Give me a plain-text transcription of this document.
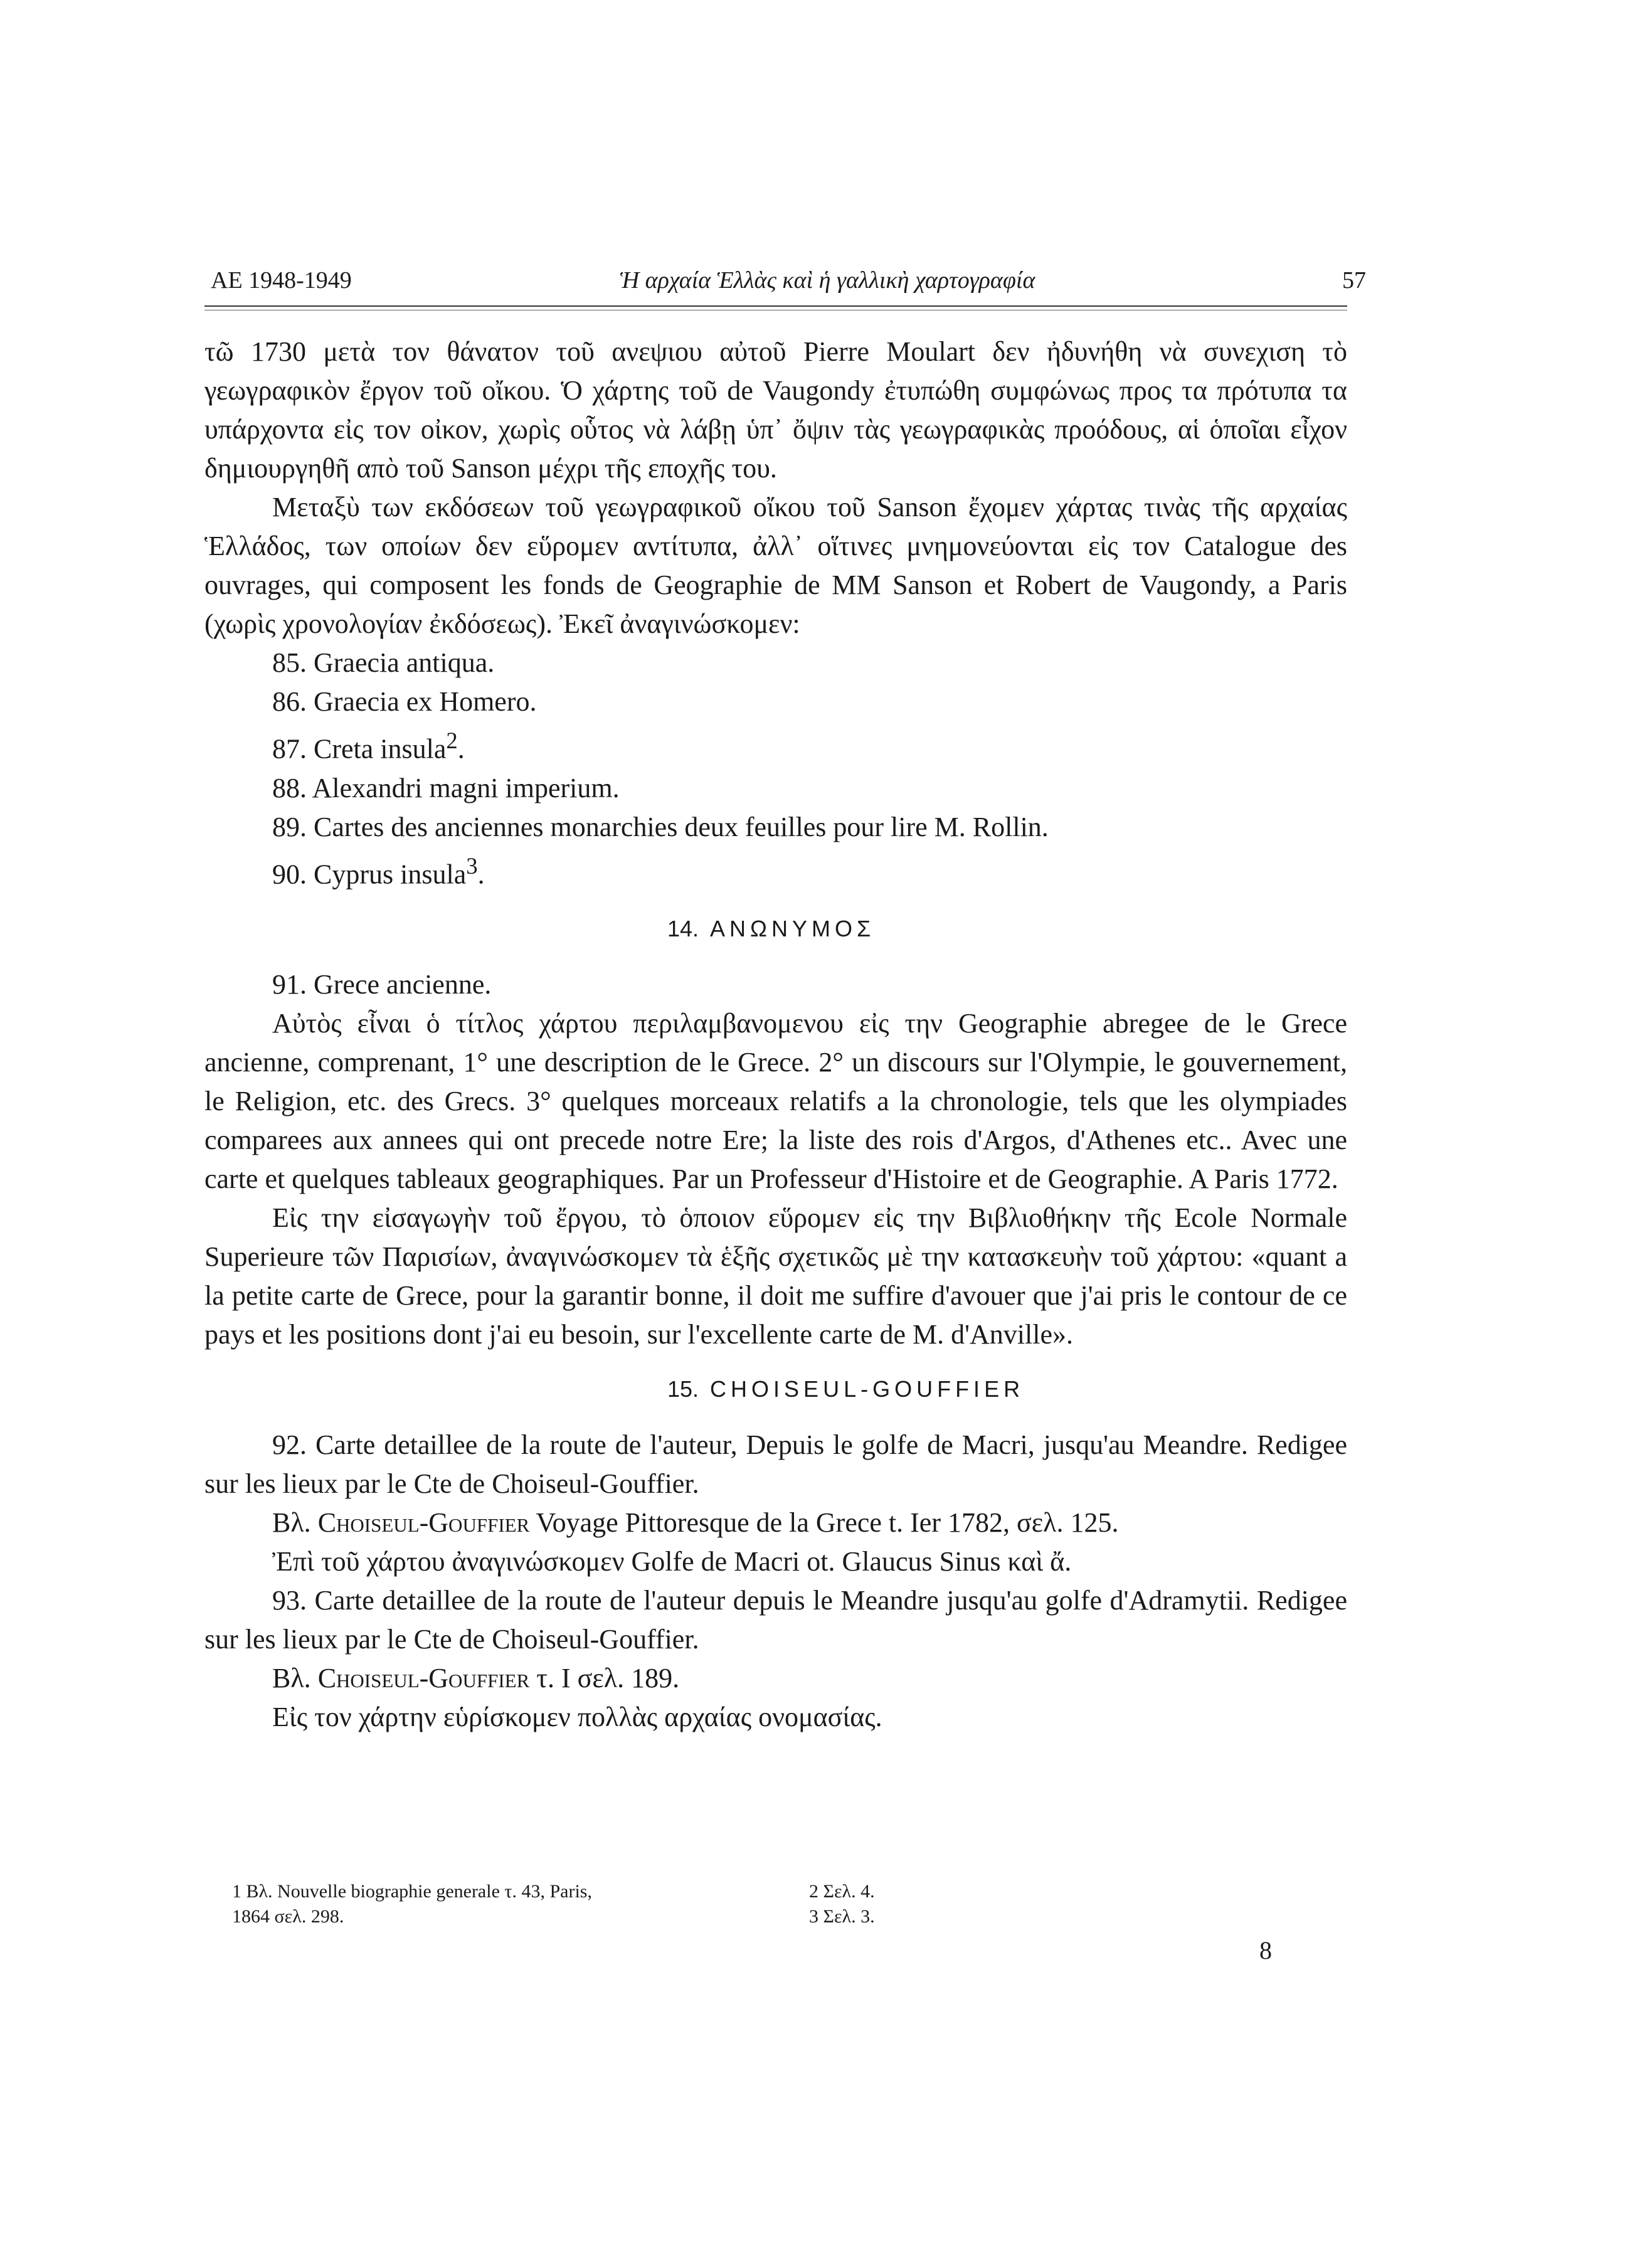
ΑΕ 1948-1949	Ἡ αρχαία Ἑλλὰς καὶ ἡ γαλλικὴ χαρτογραφία	57

τῶ 1730 μετὰ τον θάνατον τοῦ ανεψιου αὐτοῦ Pierre Moulart δεν ἠδυνήθη νὰ συνεχιση τὸ γεωγραφικὸν ἔργον τοῦ οἴκου. Ὁ χάρτης τοῦ de Vaugondy ἐτυπώθη συμφώνως προς τα πρότυπα τα υπάρχοντα εἰς τον οἰκον, χωρὶς οὗτος νὰ λάβῃ ὑπ᾽ ὄψιν τὰς γεωγραφικὰς προόδους, αἱ ὁποῖαι εἶχον δημιουργηθῆ απὸ τοῦ Sanson μέχρι τῆς εποχῆς του.

Μεταξὺ των εκδόσεων τοῦ γεωγραφικοῦ οἴκου τοῦ Sanson ἔχομεν χάρτας τινὰς τῆς αρχαίας Ἑλλάδος, των οποίων δεν εὕρομεν αντίτυπα, ἀλλ᾽ οἵτινες μνημονεύονται εἰς τον Catalogue des ouvrages, qui composent les fonds de Geographie de MM Sanson et Robert de Vaugondy, a Paris (χωρὶς χρονολογίαν ἐκδόσεως). Ἐκεῖ ἀναγινώσκομεν:

85. Graecia antiqua.

86. Graecia ex Homero.

87. Creta insula$^2$.

88. Alexandri magni imperium.

89. Cartes des anciennes monarchies deux feuilles pour lire M. Rollin.

90. Cyprus insula$^3$.

14. ΑΝΩΝΥΜΟΣ

91. Grece ancienne.

Αὐτὸς εἶναι ὁ τίτλος χάρτου περιλαμβανομενου εἰς την Geographie abregee de le Grece ancienne, comprenant, 1° une description de le Grece. 2° un discours sur l'Olympie, le gouvernement, le Religion, etc. des Grecs. 3° quelques morceaux relatifs a la chronologie, tels que les olympiades comparees aux annees qui ont precede notre Ere; la liste des rois d'Argos, d'Athenes etc.. Avec une carte et quelques tableaux geographiques. Par un Professeur d'Histoire et de Geographie. A Paris 1772.

Εἰς την εἰσαγωγὴν τοῦ ἔργου, τὸ ὁποιον εὕρομεν εἰς την Βιβλιοθήκην τῆς Ecole Normale Superieure τῶν Παρισίων, ἀναγινώσκομεν τὰ ἑξῆς σχετικῶς μὲ την κατασκευὴν τοῦ χάρτου: «quant a la petite carte de Grece, pour la garantir bonne, il doit me suffire d'avouer que j'ai pris le contour de ce pays et les positions dont j'ai eu besoin, sur l'excellente carte de M. d'Anville».

15. CHOISEUL-GOUFFIER

92. Carte detaillee de la route de l'auteur, Depuis le golfe de Macri, jusqu'au Meandre. Redigee sur les lieux par le Cte de Choiseul-Gouffier.

Βλ. Choiseul-Gouffier Voyage Pittoresque de la Grece t. Ier 1782, σελ. 125.

Ἐπὶ τοῦ χάρτου ἀναγινώσκομεν Golfe de Macri ot. Glaucus Sinus καὶ ἄ.

93. Carte detaillee de la route de l'auteur depuis le Meandre jusqu'au golfe d'Adramytii. Redigee sur les lieux par le Cte de Choiseul-Gouffier.

Βλ. Choiseul-Gouffier τ. I σελ. 189.

Εἰς τον χάρτην εὑρίσκομεν πολλὰς αρχαίας ονομασίας.

1 Βλ. Nouvelle biographie generale τ. 43, Paris,
1864 σελ. 298.
2 Σελ. 4.
3 Σελ. 3.
8
